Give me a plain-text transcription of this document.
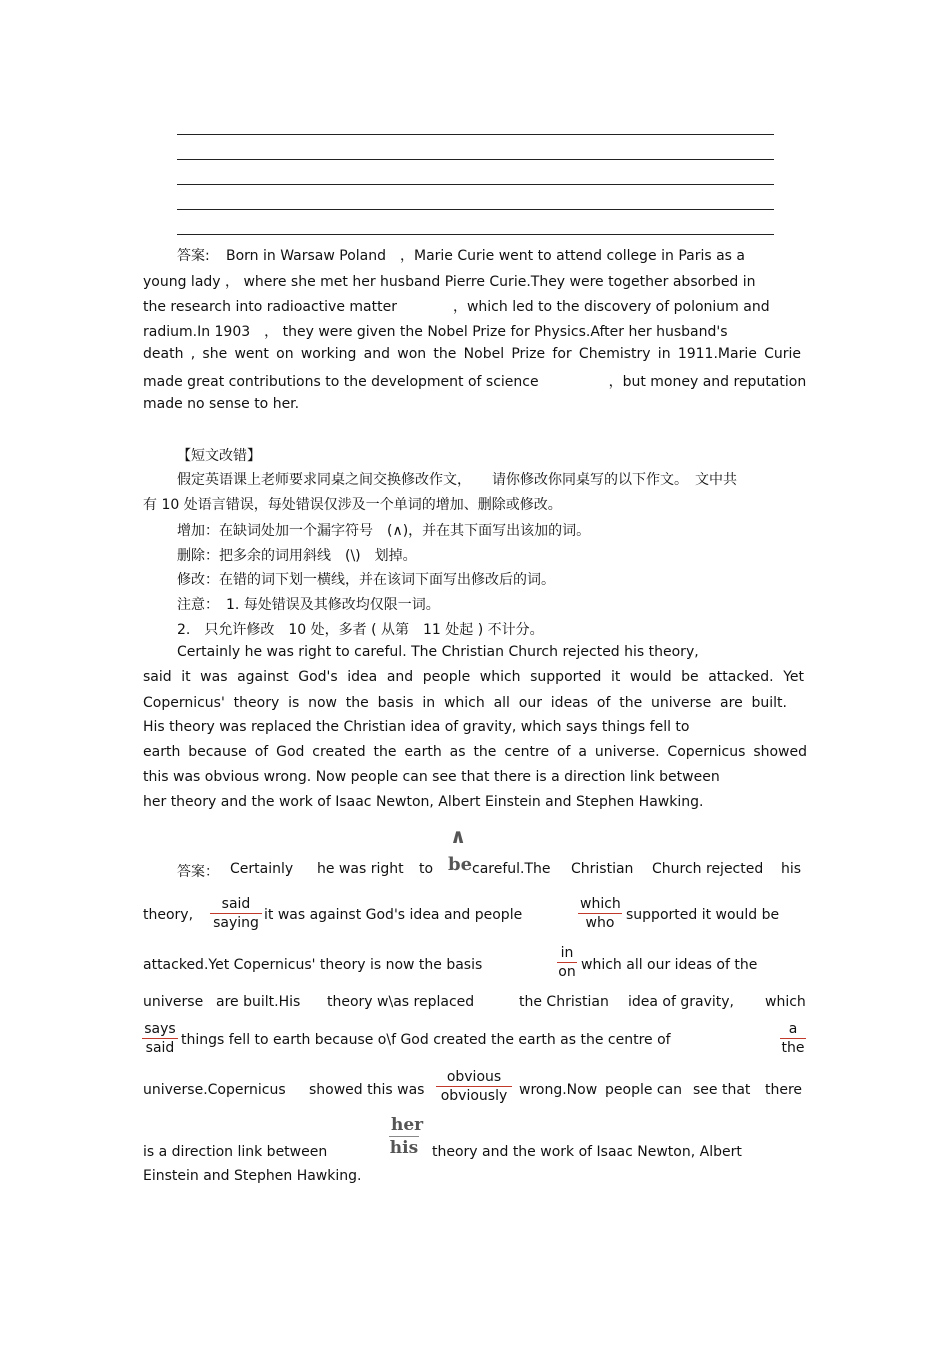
答案: Born in Warsaw Poland　，Marie Curie went to attend college in Paris as a
young lady ， where she met her husband Pierre Curie.They were together absorbed in
the research into radioactive matter　　　　，which led to the discovery of polonium and
radium.In 1903　， they were given the Nobel Prize for Physics.After her husband's
death , she went on working and won the Nobel Prize for Chemistry in 1911.Marie Curie
made great contributions to the development of science　　　　　，but money and reputation
made no sense to her.
【短文改错】
假定英语课上老师要求同桌之间交换修改作文，　　请你修改你同桌写的以下作文。　文中共
有 10 处语言错误，每处错误仅涉及一个单词的增加、删除或修改。
增加：在缺词处加一个漏字符号　(∧)，并在其下面写出该加的词。
删除：把多余的词用斜线　(\)　划掉。
修改：在错的词下划一横线，并在该词下面写出修改后的词。
注意：　1. 每处错误及其修改均仅限一词。
2.　只允许修改　10 处，多者 ( 从第　11 处起 ) 不计分。
Certainly he was right to careful. The Christian Church rejected his theory,
said it was against God's idea and people which supported it would be attacked. Yet
Copernicus' theory is now the basis in which all our ideas of the universe are built.
His theory was replaced the Christian idea of gravity, which says things fell to
earth because of God created the earth as the centre of a universe. Copernicus showed
this was obvious wrong. Now people can see that there is a direction link between
her theory and the work of Isaac Newton, Albert Einstein and Stephen Hawking.
∧
be
答案： Certainly he was right to	careful.The Christian Church rejected his
theory,
said
saying it was against God's idea and people
which
who supported it would be
attacked.Yet Copernicus' theory is now the basis	$\frac{in}{on}$ which all our ideas of the
universe are built.His theory w\as replaced	the Christian idea of gravity, which
says
said things fell to earth because o\f God created the earth as the centre of
a
the
universe.Copernicus showed this was
obvious
obviously wrong.Now people can see that there
is a direction link between
her
his theory and the work of Isaac Newton, Albert
Einstein and Stephen Hawking.
